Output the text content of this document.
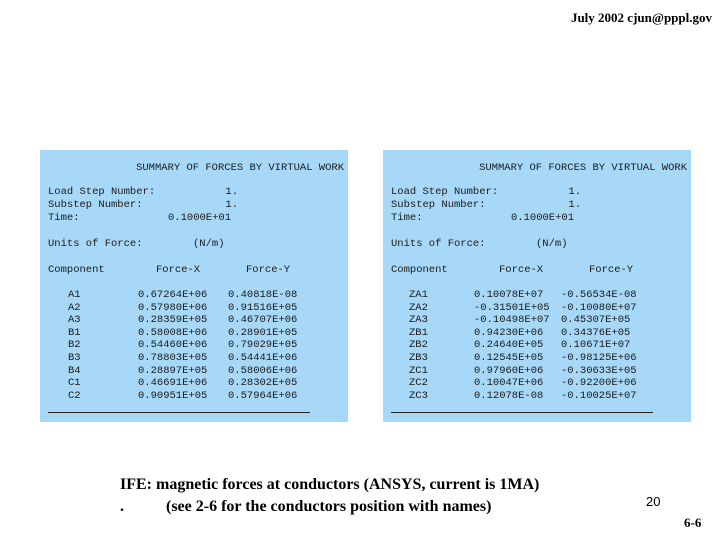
July 2002 cjun@pppl.gov
SUMMARY OF FORCES BY VIRTUAL WORK
Load Step Number:	1.
Substep Number:	1.
Time:	0.1000E+01
Units of Force:	(N/m)
Component	Force-X	Force-Y
A1	0.67264E+06 0.40818E-08
A2	0.57980E+06 0.91516E+05
A3	0.28359E+05 0.46707E+06
B1	0.58008E+06 0.28901E+05
B2	0.54460E+06 0.79029E+05
B3	0.78803E+05 0.54441E+06
B4	0.28897E+05 0.58006E+06
C1	0.46691E+06 0.28302E+05
C2	0.90951E+05 0.57964E+06
SUMMARY OF FORCES BY VIRTUAL WORK
Load Step Number:	1.
Substep Number:	1.
Time:	0.1000E+01
Units of Force:	(N/m)
Component	Force-X	Force-Y
ZA1	0.10078E+07 -0.56534E-08
ZA2	-0.31501E+05 -0.10080E+07
ZA3	-0.10498E+07 0.45307E+05
ZB1	0.94230E+06 0.34376E+05
ZB2	0.24640E+05 0.10671E+07
ZB3	0.12545E+05 -0.98125E+06
ZC1	0.97960E+06 -0.30633E+05
ZC2	0.10047E+06 -0.92200E+06
ZC3	0.12078E-08 -0.10025E+07
IFE: magnetic forces at conductors (ANSYS, current is 1MA)
.	(see 2-6 for the conductors position with names)	20
6-6
